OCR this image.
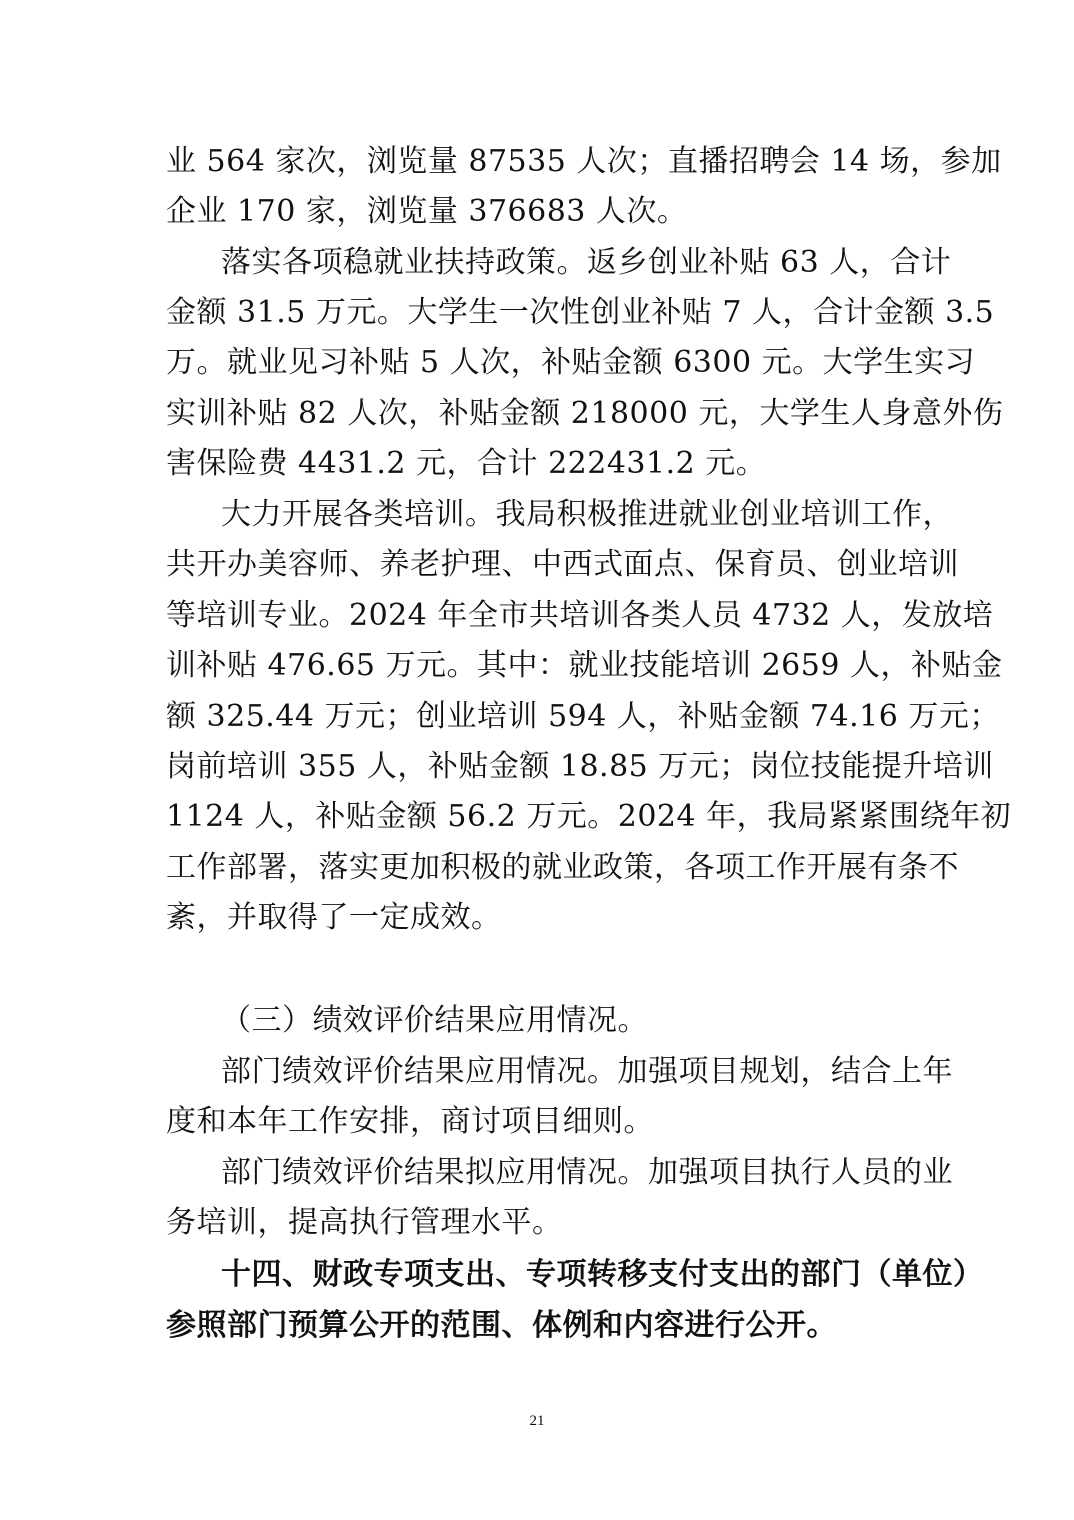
业 564 家次，浏览量 87535 人次；直播招聘会 14 场，参加
企业 170 家，浏览量 376683 人次。
落实各项稳就业扶持政策。返乡创业补贴 63 人，合计
金额 31.5 万元。大学生一次性创业补贴 7 人，合计金额 3.5
万。就业见习补贴 5 人次，补贴金额 6300 元。大学生实习
实训补贴 82 人次，补贴金额 218000 元，大学生人身意外伤
害保险费 4431.2 元，合计 222431.2 元。
大力开展各类培训。我局积极推进就业创业培训工作，
共开办美容师、养老护理、中西式面点、保育员、创业培训
等培训专业。2024 年全市共培训各类人员 4732 人，发放培
训补贴 476.65 万元。其中：就业技能培训 2659 人，补贴金
额 325.44 万元；创业培训 594 人，补贴金额 74.16 万元；
岗前培训 355 人，补贴金额 18.85 万元；岗位技能提升培训
1124 人，补贴金额 56.2 万元。2024 年，我局紧紧围绕年初
工作部署，落实更加积极的就业政策，各项工作开展有条不
紊，并取得了一定成效。
（三）绩效评价结果应用情况。
部门绩效评价结果应用情况。加强项目规划，结合上年
度和本年工作安排，商讨项目细则。
部门绩效评价结果拟应用情况。加强项目执行人员的业
务培训，提高执行管理水平。
十四、财政专项支出、专项转移支付支出的部门（单位）
参照部门预算公开的范围、体例和内容进行公开。
21
